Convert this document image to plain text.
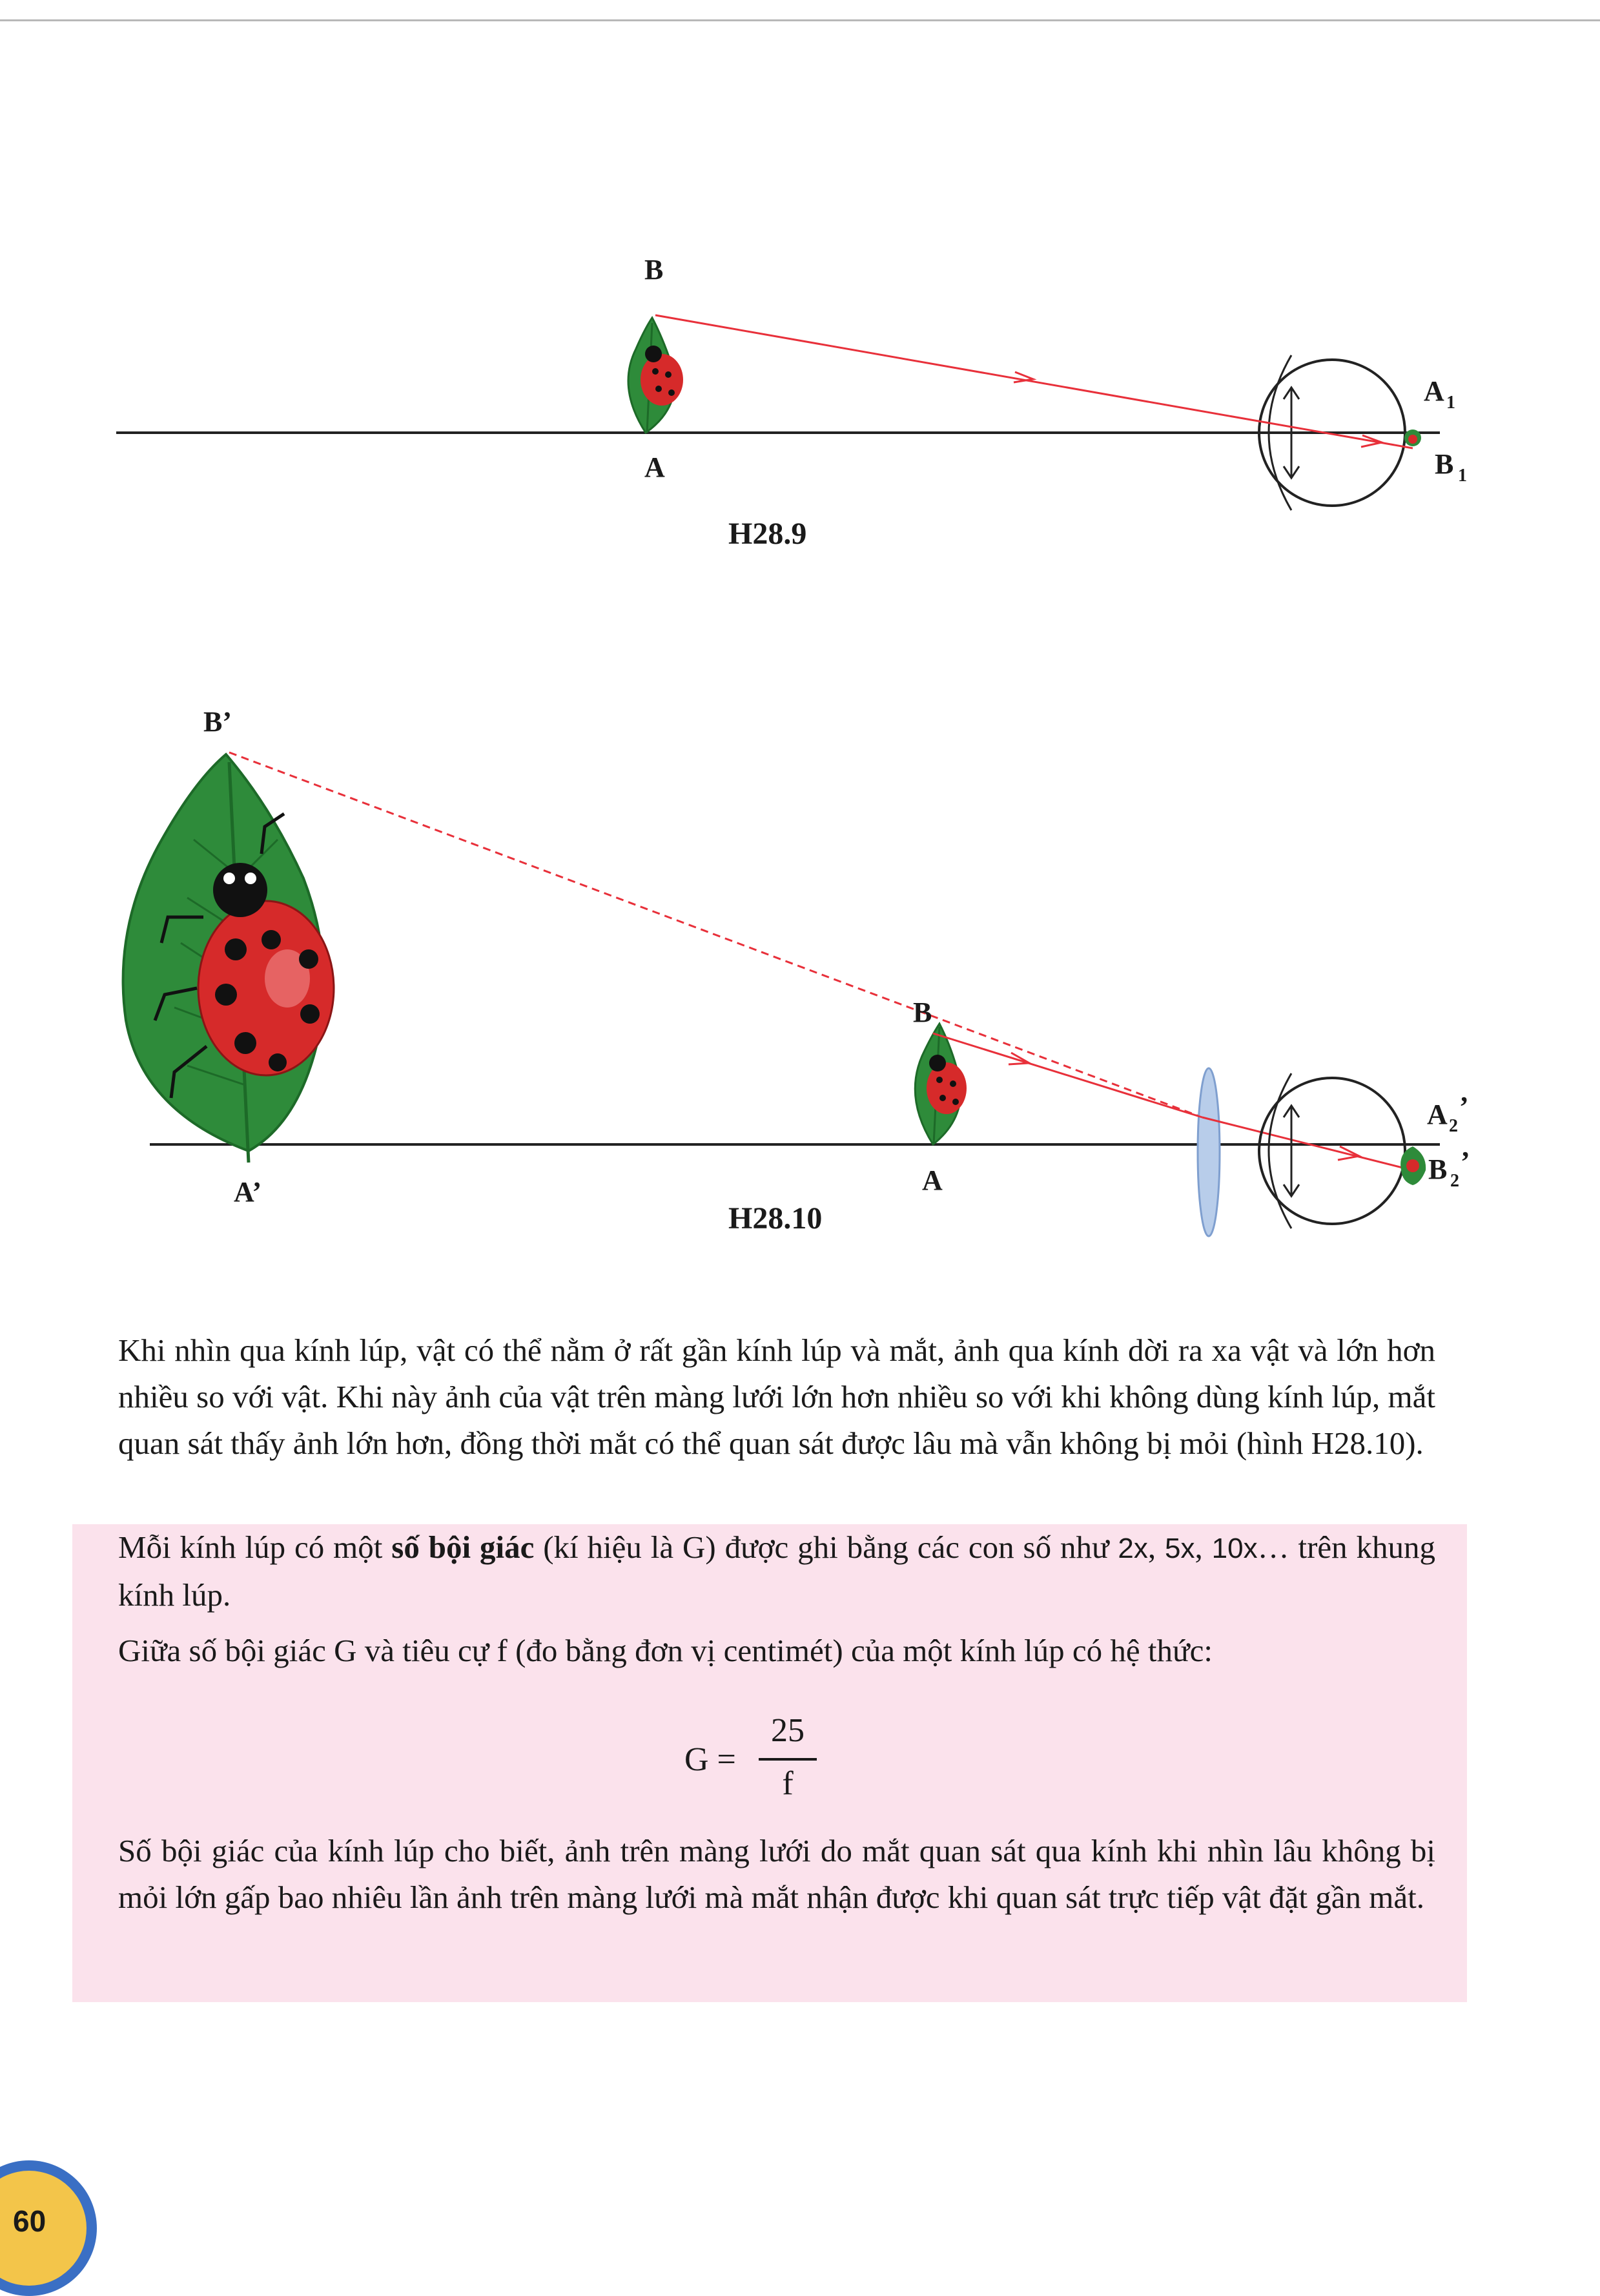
B
A
A 1
B 1
H28.9
B’
A’
B
A
A 2
’
B 2
’
H28.10

Khi nhìn qua kính lúp, vật có thể nằm ở rất gần kính lúp và mắt, ảnh qua kính dời ra xa vật và lớn hơn nhiều so với vật. Khi này ảnh của vật trên màng lưới lớn hơn nhiều so với khi không dùng kính lúp, mắt quan sát thấy ảnh lớn hơn, đồng thời mắt có thể quan sát được lâu mà vẫn không bị mỏi (hình H28.10).

Mỗi kính lúp có một số bội giác (kí hiệu là G) được ghi bằng các con số như 2x, 5x, 10x… trên khung kính lúp.

Giữa số bội giác G và tiêu cự f (đo bằng đơn vị centimét) của một kính lúp có hệ thức:

G =
25
f

Số bội giác của kính lúp cho biết, ảnh trên màng lưới do mắt quan sát qua kính khi nhìn lâu không bị mỏi lớn gấp bao nhiêu lần ảnh trên màng lưới mà mắt nhận được khi quan sát trực tiếp vật đặt gần mắt.

60
